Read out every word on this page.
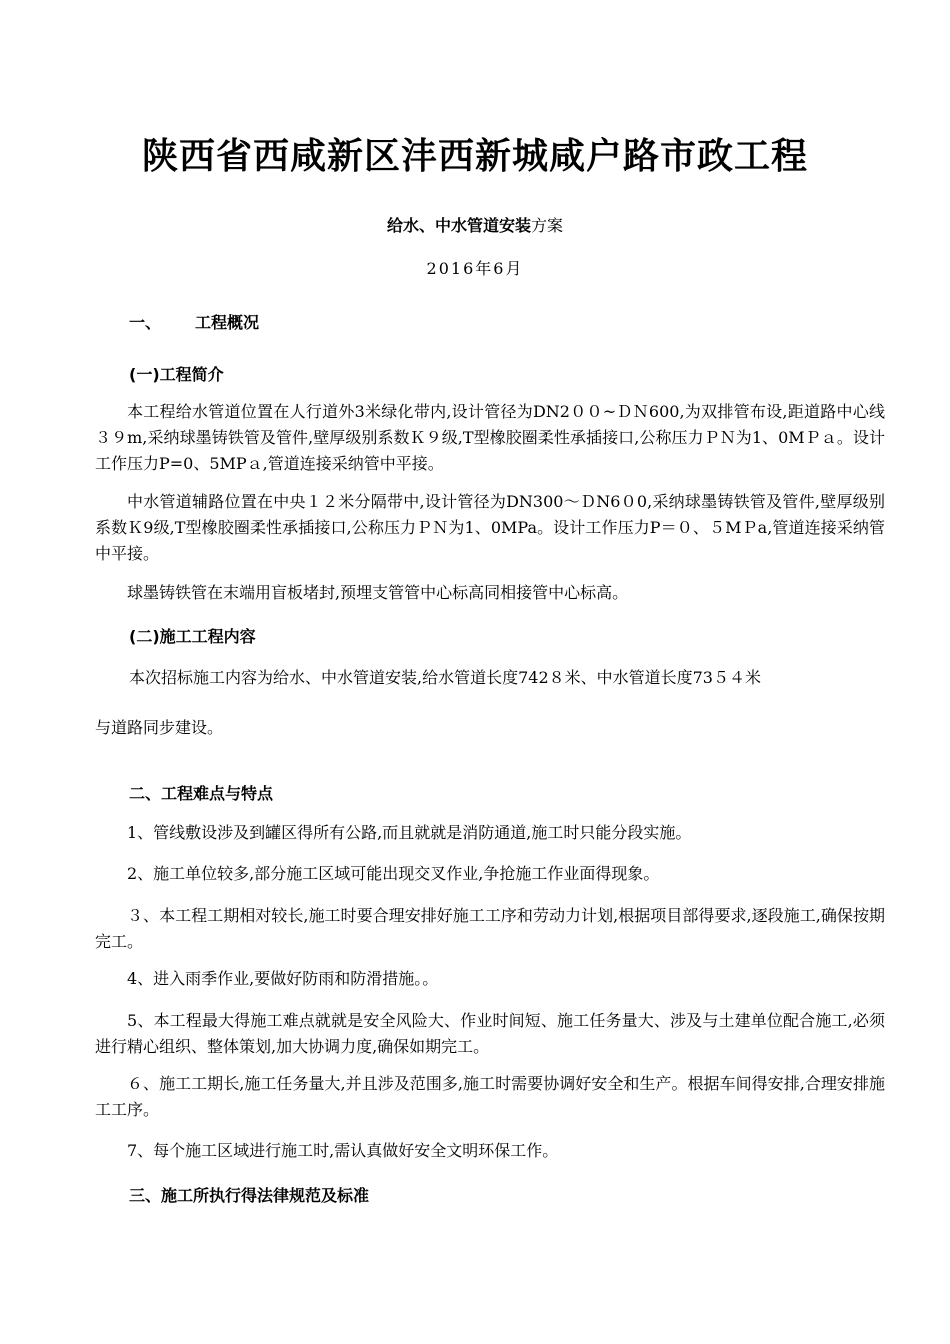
陕西省西咸新区沣西新城咸户路市政工程

给水、中水管道安装方案

2016年6月

一、 工程概况

(一)工程简介

本工程给水管道位置在人行道外3米绿化带内,设计管径为DN2００~ＤＮ600,为双排管布设,距道路中心线３９m,采纳球墨铸铁管及管件,壁厚级别系数Ｋ９级,T型橡胶圈柔性承插接口,公称压力ＰＮ为1、0MＰａ。设计工作压力P=0、5MPａ,管道连接采纳管中平接。

中水管道辅路位置在中央１２米分隔带中,设计管径为DN300～ＤN6０0,采纳球墨铸铁管及管件,壁厚级别系数Ｋ9级,T型橡胶圈柔性承插接口,公称压力ＰＮ为1、0MPa。设计工作压力P＝０、５MＰa,管道连接采纳管中平接。

球墨铸铁管在末端用盲板堵封,预埋支管管中心标高同相接管中心标高。

(二)施工工程内容

本次招标施工内容为给水、中水管道安装,给水管道长度742８米、中水管道长度73５４米

与道路同步建设。

二、工程难点与特点

1、管线敷设涉及到罐区得所有公路,而且就就是消防通道,施工时只能分段实施。

2、施工单位较多,部分施工区域可能出现交叉作业,争抢施工作业面得现象。

３、本工程工期相对较长,施工时要合理安排好施工工序和劳动力计划,根据项目部得要求,逐段施工,确保按期完工。

4、进入雨季作业,要做好防雨和防滑措施。。

5、本工程最大得施工难点就就是安全风险大、作业时间短、施工任务量大、涉及与土建单位配合施工,必须进行精心组织、整体策划,加大协调力度,确保如期完工。

６、施工工期长,施工任务量大,并且涉及范围多,施工时需要协调好安全和生产。根据车间得安排,合理安排施工工序。

7、每个施工区域进行施工时,需认真做好安全文明环保工作。

三、施工所执行得法律规范及标准
